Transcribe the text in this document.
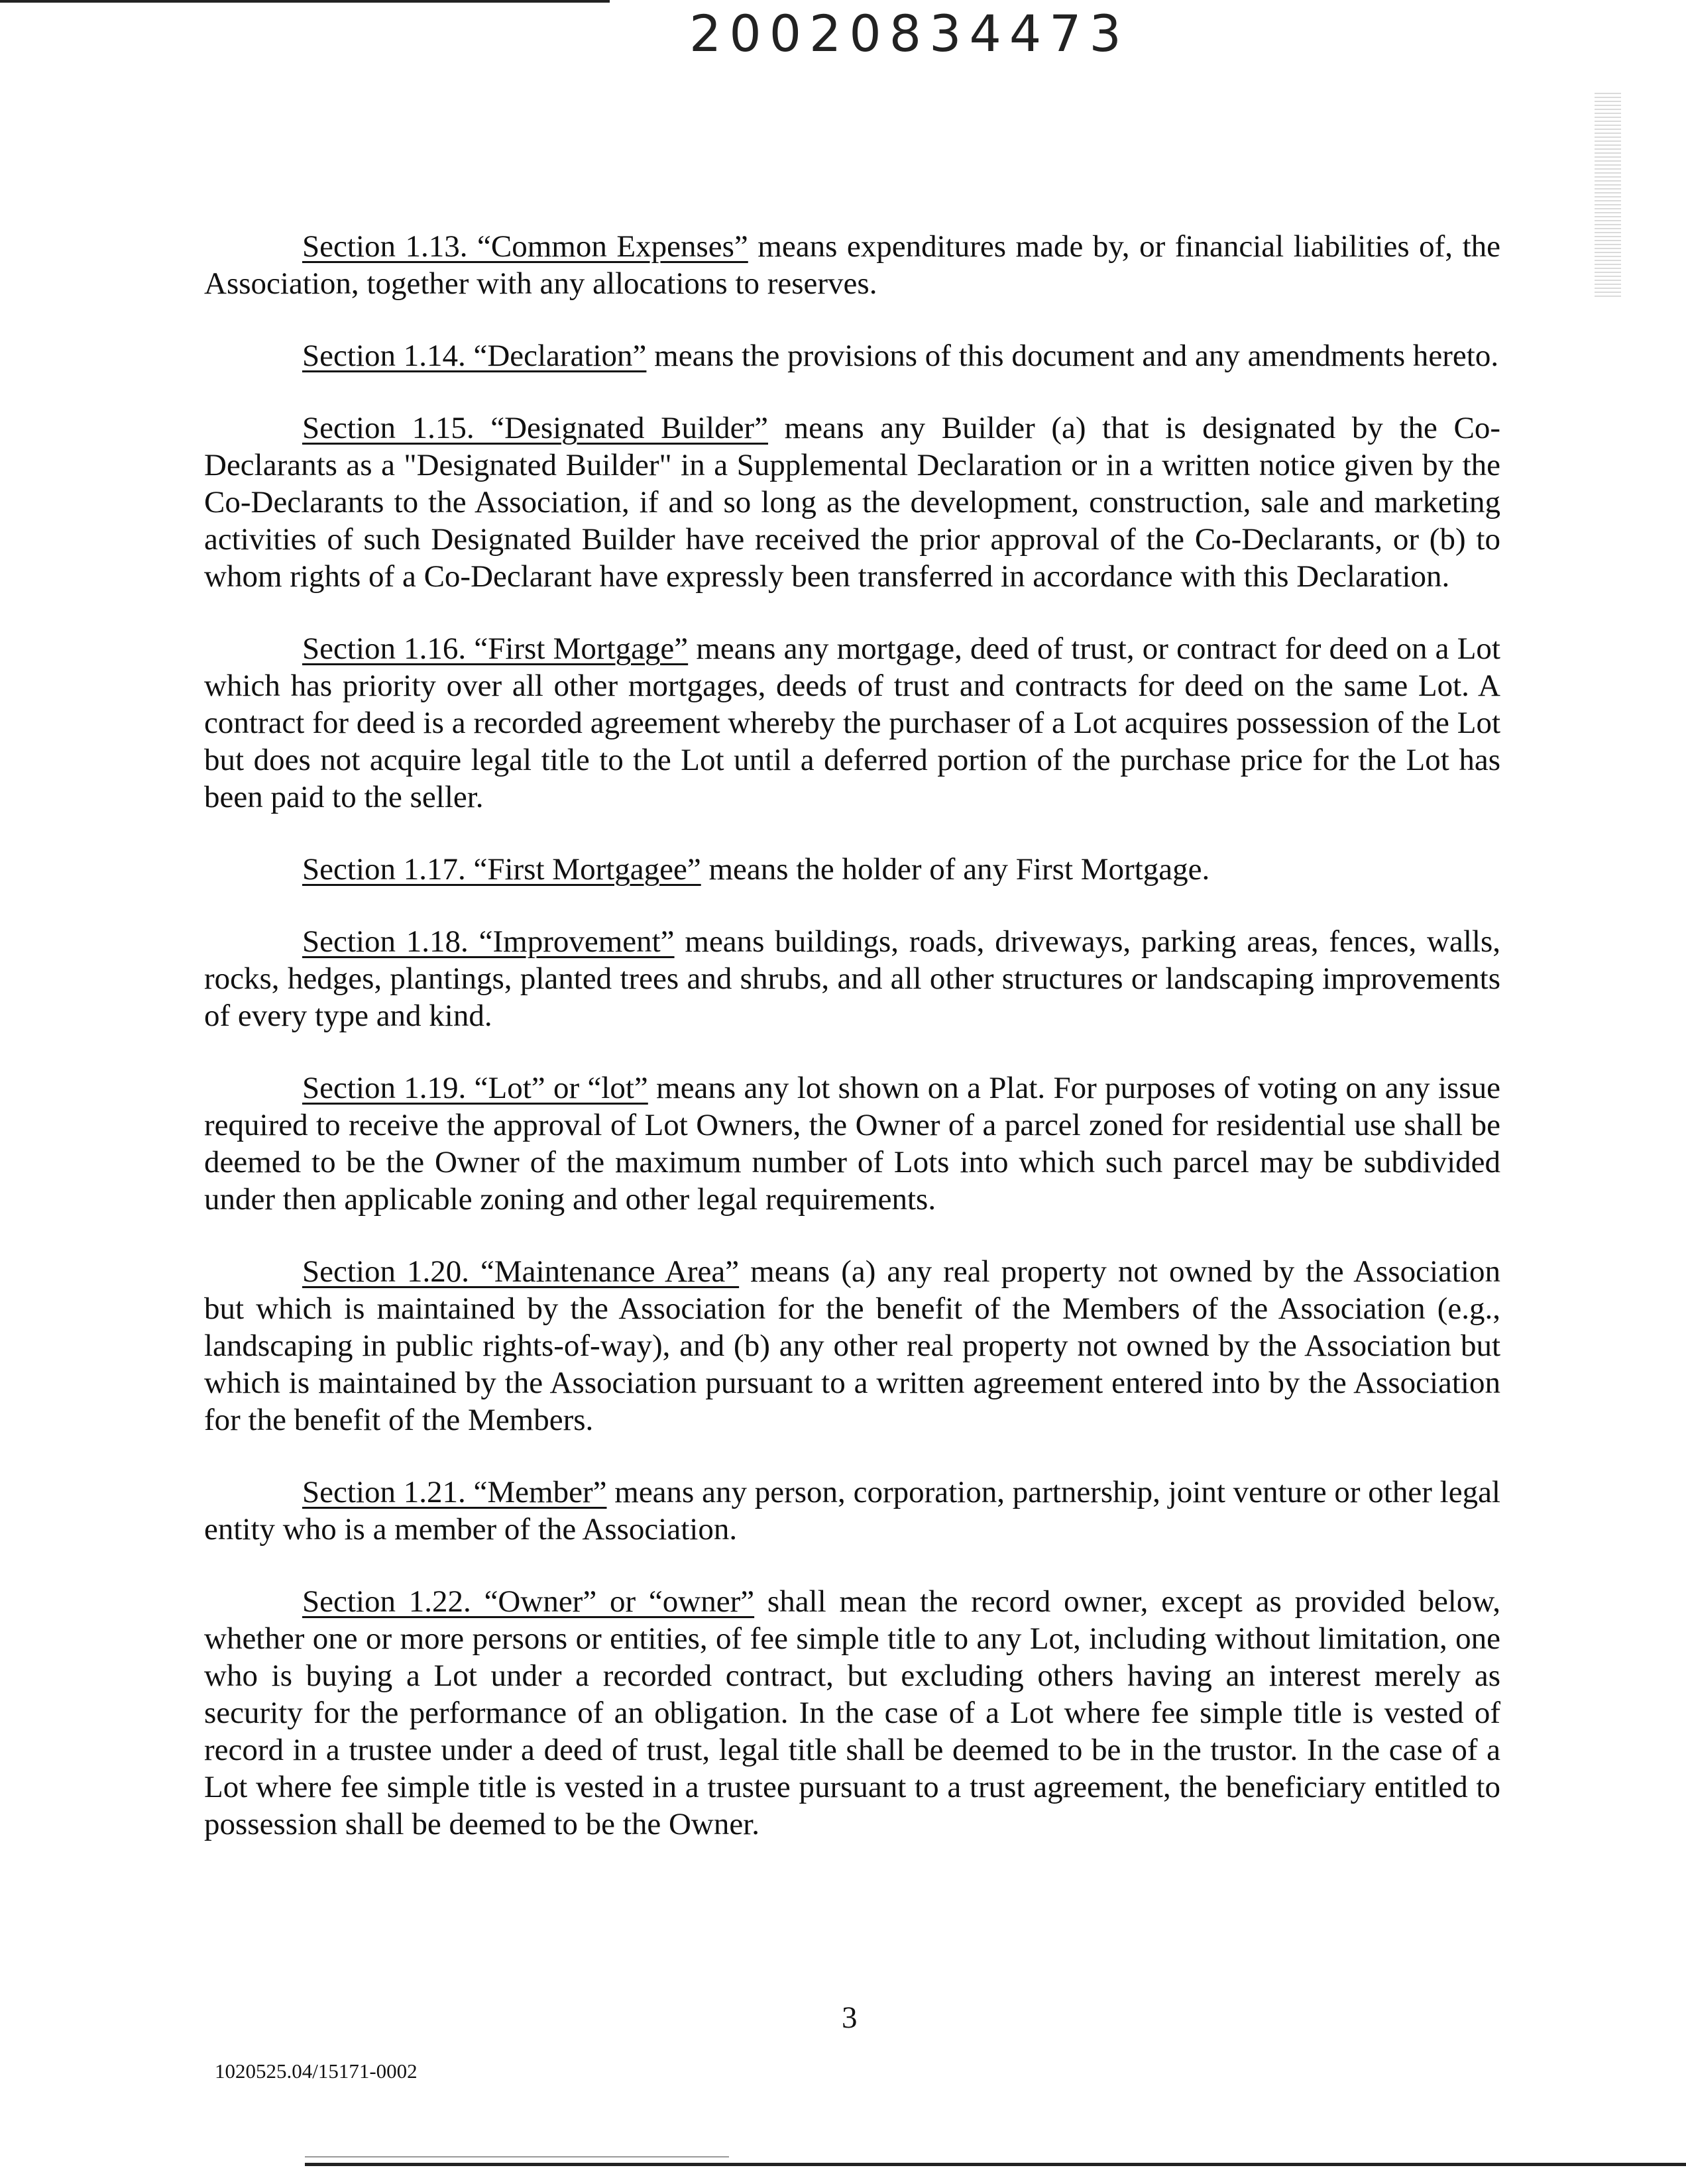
20020834473

Section 1.13. “Common Expenses” means expenditures made by, or financial liabilities of, the Association, together with any allocations to reserves.

Section 1.14. “Declaration” means the provisions of this document and any amendments hereto.

Section 1.15. “Designated Builder” means any Builder (a) that is designated by the Co-Declarants as a "Designated Builder" in a Supplemental Declaration or in a written notice given by the Co-Declarants to the Association, if and so long as the development, construction, sale and marketing activities of such Designated Builder have received the prior approval of the Co-Declarants, or (b) to whom rights of a Co-Declarant have expressly been transferred in accordance with this Declaration.

Section 1.16. “First Mortgage” means any mortgage, deed of trust, or contract for deed on a Lot which has priority over all other mortgages, deeds of trust and contracts for deed on the same Lot. A contract for deed is a recorded agreement whereby the purchaser of a Lot acquires possession of the Lot but does not acquire legal title to the Lot until a deferred portion of the purchase price for the Lot has been paid to the seller.

Section 1.17. “First Mortgagee” means the holder of any First Mortgage.

Section 1.18. “Improvement” means buildings, roads, driveways, parking areas, fences, walls, rocks, hedges, plantings, planted trees and shrubs, and all other structures or landscaping improvements of every type and kind.

Section 1.19. “Lot” or “lot” means any lot shown on a Plat. For purposes of voting on any issue required to receive the approval of Lot Owners, the Owner of a parcel zoned for residential use shall be deemed to be the Owner of the maximum number of Lots into which such parcel may be subdivided under then applicable zoning and other legal requirements.

Section 1.20. “Maintenance Area” means (a) any real property not owned by the Association but which is maintained by the Association for the benefit of the Members of the Association (e.g., landscaping in public rights-of-way), and (b) any other real property not owned by the Association but which is maintained by the Association pursuant to a written agreement entered into by the Association for the benefit of the Members.

Section 1.21. “Member” means any person, corporation, partnership, joint venture or other legal entity who is a member of the Association.

Section 1.22. “Owner” or “owner” shall mean the record owner, except as provided below, whether one or more persons or entities, of fee simple title to any Lot, including without limitation, one who is buying a Lot under a recorded contract, but excluding others having an interest merely as security for the performance of an obligation. In the case of a Lot where fee simple title is vested of record in a trustee under a deed of trust, legal title shall be deemed to be in the trustor. In the case of a Lot where fee simple title is vested in a trustee pursuant to a trust agreement, the beneficiary entitled to possession shall be deemed to be the Owner.

3
1020525.04/15171-0002
